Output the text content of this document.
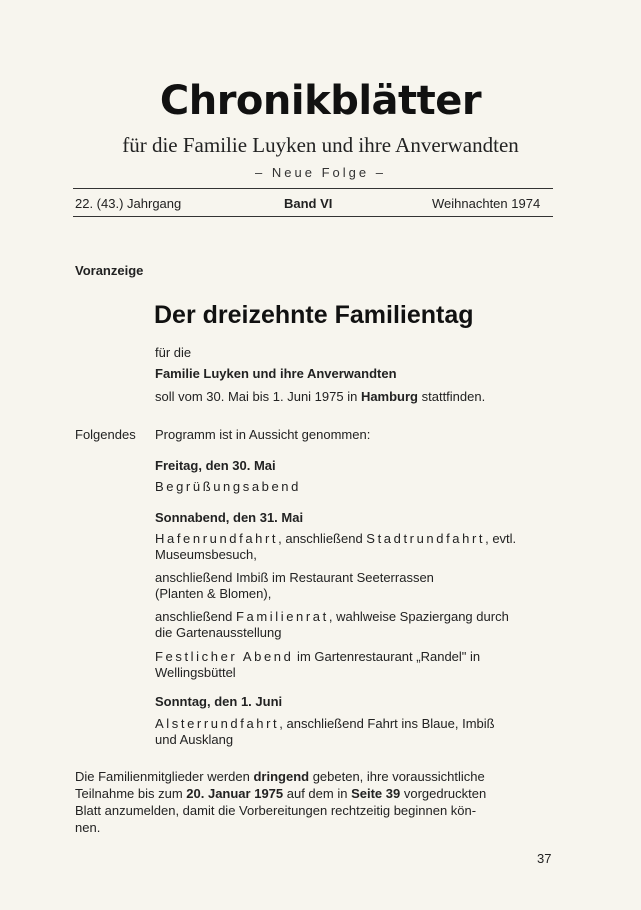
Chronikblätter
für die Familie Luyken und ihre Anverwandten
– Neue Folge –
22. (43.) Jahrgang	Band VI	Weihnachten 1974
Voranzeige
Der dreizehnte Familientag
für die
Familie Luyken und ihre Anverwandten
soll vom 30. Mai bis 1. Juni 1975 in Hamburg stattfinden.
Folgendes Programm ist in Aussicht genommen:
Freitag, den 30. Mai
Begrüßungsabend
Sonnabend, den 31. Mai
Hafenrundfahrt, anschließend Stadtrundfahrt, evtl.
Museumsbesuch,
anschließend Imbiß im Restaurant Seeterrassen
(Planten & Blomen),
anschließend Familienrat, wahlweise Spaziergang durch
die Gartenausstellung
Festlicher Abend im Gartenrestaurant „Randel" in
Wellingsbüttel
Sonntag, den 1. Juni
Alsterrundfahrt, anschließend Fahrt ins Blaue, Imbiß
und Ausklang
Die Familienmitglieder werden dringend gebeten, ihre voraussichtliche
Teilnahme bis zum 20. Januar 1975 auf dem in Seite 39 vorgedruckten
Blatt anzumelden, damit die Vorbereitungen rechtzeitig beginnen kön-
nen.
37
